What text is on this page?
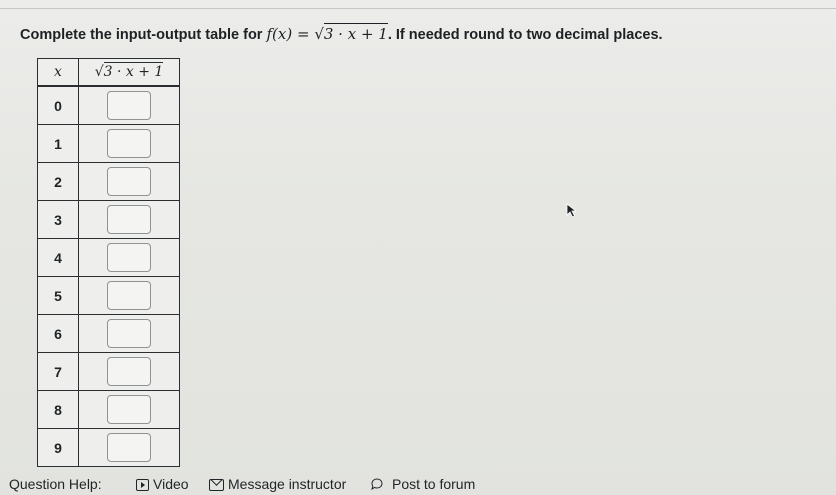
Complete the input-output table for f(x) = √3 · x + 1. If needed round to two decimal places.
x	√3 · x + 1
0	
1	
2	
3	
4	
5	
6	
7	
8	
9	
Question Help:	Video	Message instructor	Post to forum
